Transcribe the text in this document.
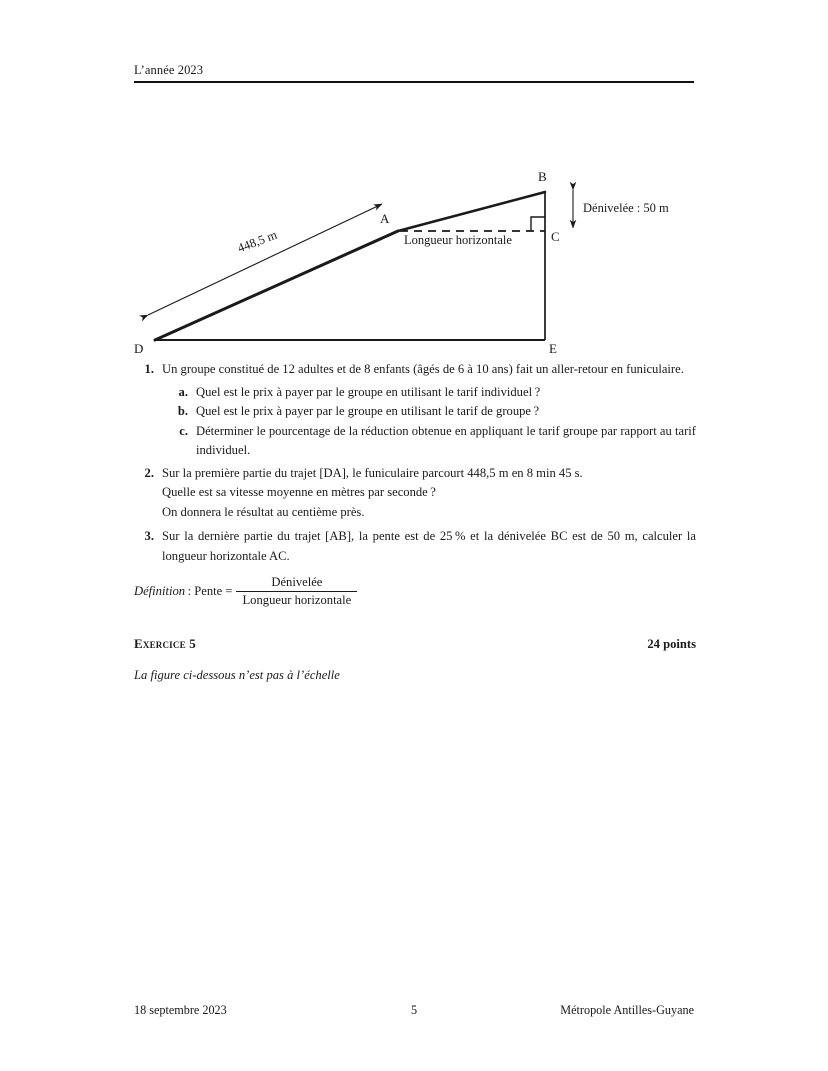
L’année 2023
B
C
A
D	E
Dénivelée : 50 m
Longueur horizontale
448,5 m
1. Un groupe constitué de 12 adultes et de 8 enfants (âgés de 6 à 10 ans) fait un aller-retour en funiculaire.
a. Quel est le prix à payer par le groupe en utilisant le tarif individuel ?
b. Quel est le prix à payer par le groupe en utilisant le tarif de groupe ?
c. Déterminer le pourcentage de la réduction obtenue en appliquant le tarif groupe par rapport au tarif individuel.
2. Sur la première partie du trajet [DA], le funiculaire parcourt 448,5 m en 8 min 45 s.
Quelle est sa vitesse moyenne en mètres par seconde ?
On donnera le résultat au centième près.
3. Sur la dernière partie du trajet [AB], la pente est de 25 % et la dénivelée BC est de 50 m, calculer la longueur horizontale AC.
Définition  : Pente = $\frac{\text{Dénivelée}}{\text{Longueur horizontale}}$
Exercice 5	24 points
La figure ci-dessous n’est pas à l’échelle
18 septembre 2023	5	Métropole Antilles-Guyane
